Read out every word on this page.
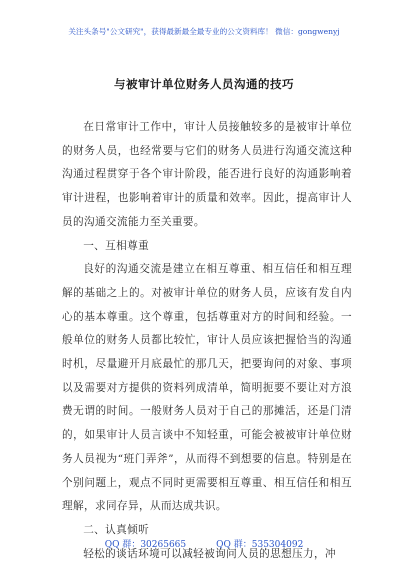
关注头条号"公文研究"，获得最新最全最专业的公文资料库！ 微信：gongwenyj
与被审计单位财务人员沟通的技巧

在日常审计工作中，审计人员接触较多的是被审计单位的财务人员，也经常要与它们的财务人员进行沟通交流这种沟通过程贯穿于各个审计阶段，能否进行良好的沟通影响着审计进程，也影响着审计的质量和效率。因此，提高审计人员的沟通交流能力至关重要。

一、互相尊重

良好的沟通交流是建立在相互尊重、相互信任和相互理解的基础之上的。对被审计单位的财务人员，应该有发自内心的基本尊重。这个尊重，包括尊重对方的时间和经验。一般单位的财务人员都比较忙，审计人员应该把握恰当的沟通时机，尽量避开月底最忙的那几天，把要询问的对象、事项以及需要对方提供的资料列成清单，简明扼要不要让对方浪费无谓的时间。一般财务人员对于自己的那摊活，还是门清的，如果审计人员言谈中不知轻重，可能会被被审计单位财务人员视为“班门弄斧”，从而得不到想要的信息。特别是在个别问题上，观点不同时更需要相互尊重、相互信任和相互理解，求同存异，从而达成共识。

二、认真倾听

轻松的谈话环境可以减轻被询问人员的思想压力，冲

QQ 群：30265665	QQ 群：535304092
